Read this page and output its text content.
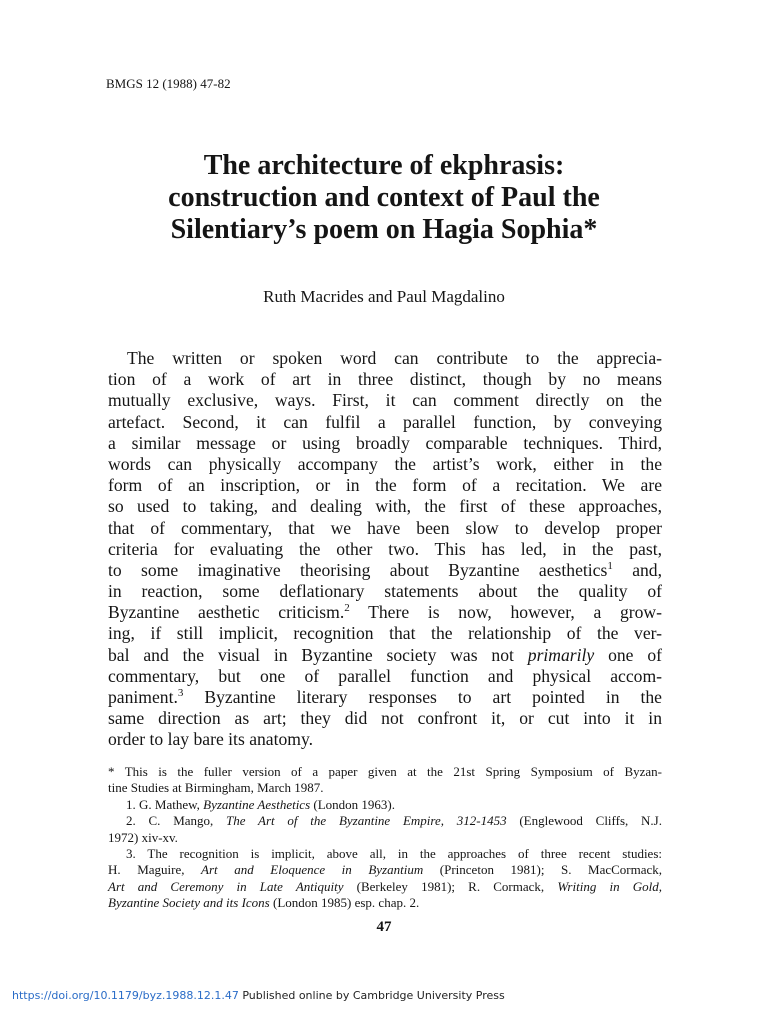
BMGS 12 (1988) 47-82
The architecture of ekphrasis:
construction and context of Paul the
Silentiary’s poem on Hagia Sophia*
Ruth Macrides and Paul Magdalino
The written or spoken word can contribute to the apprecia-
tion of a work of art in three distinct, though by no means
mutually exclusive, ways. First, it can comment directly on the
artefact. Second, it can fulfil a parallel function, by conveying
a similar message or using broadly comparable techniques. Third,
words can physically accompany the artist’s work, either in the
form of an inscription, or in the form of a recitation. We are
so used to taking, and dealing with, the first of these approaches,
that of commentary, that we have been slow to develop proper
criteria for evaluating the other two. This has led, in the past,
to some imaginative theorising about Byzantine aesthetics$^1$ and,
in reaction, some deflationary statements about the quality of
Byzantine aesthetic criticism.$^2$ There is now, however, a grow-
ing, if still implicit, recognition that the relationship of the ver-
bal and the visual in Byzantine society was not primarily one of
commentary, but one of parallel function and physical accom-
paniment.$^3$ Byzantine literary responses to art pointed in the
same direction as art; they did not confront it, or cut into it in
order to lay bare its anatomy.
* This is the fuller version of a paper given at the 21st Spring Symposium of Byzan-
tine Studies at Birmingham, March 1987.
1. G. Mathew, Byzantine Aesthetics (London 1963).
2. C. Mango, The Art of the Byzantine Empire, 312-1453 (Englewood Cliffs, N.J.
1972) xiv-xv.
3. The recognition is implicit, above all, in the approaches of three recent studies:
H. Maguire, Art and Eloquence in Byzantium (Princeton 1981); S. MacCormack,
Art and Ceremony in Late Antiquity (Berkeley 1981); R. Cormack, Writing in Gold,
Byzantine Society and its Icons (London 1985) esp. chap. 2.
47
https://doi.org/10.1179/byz.1988.12.1.47 Published online by Cambridge University Press
